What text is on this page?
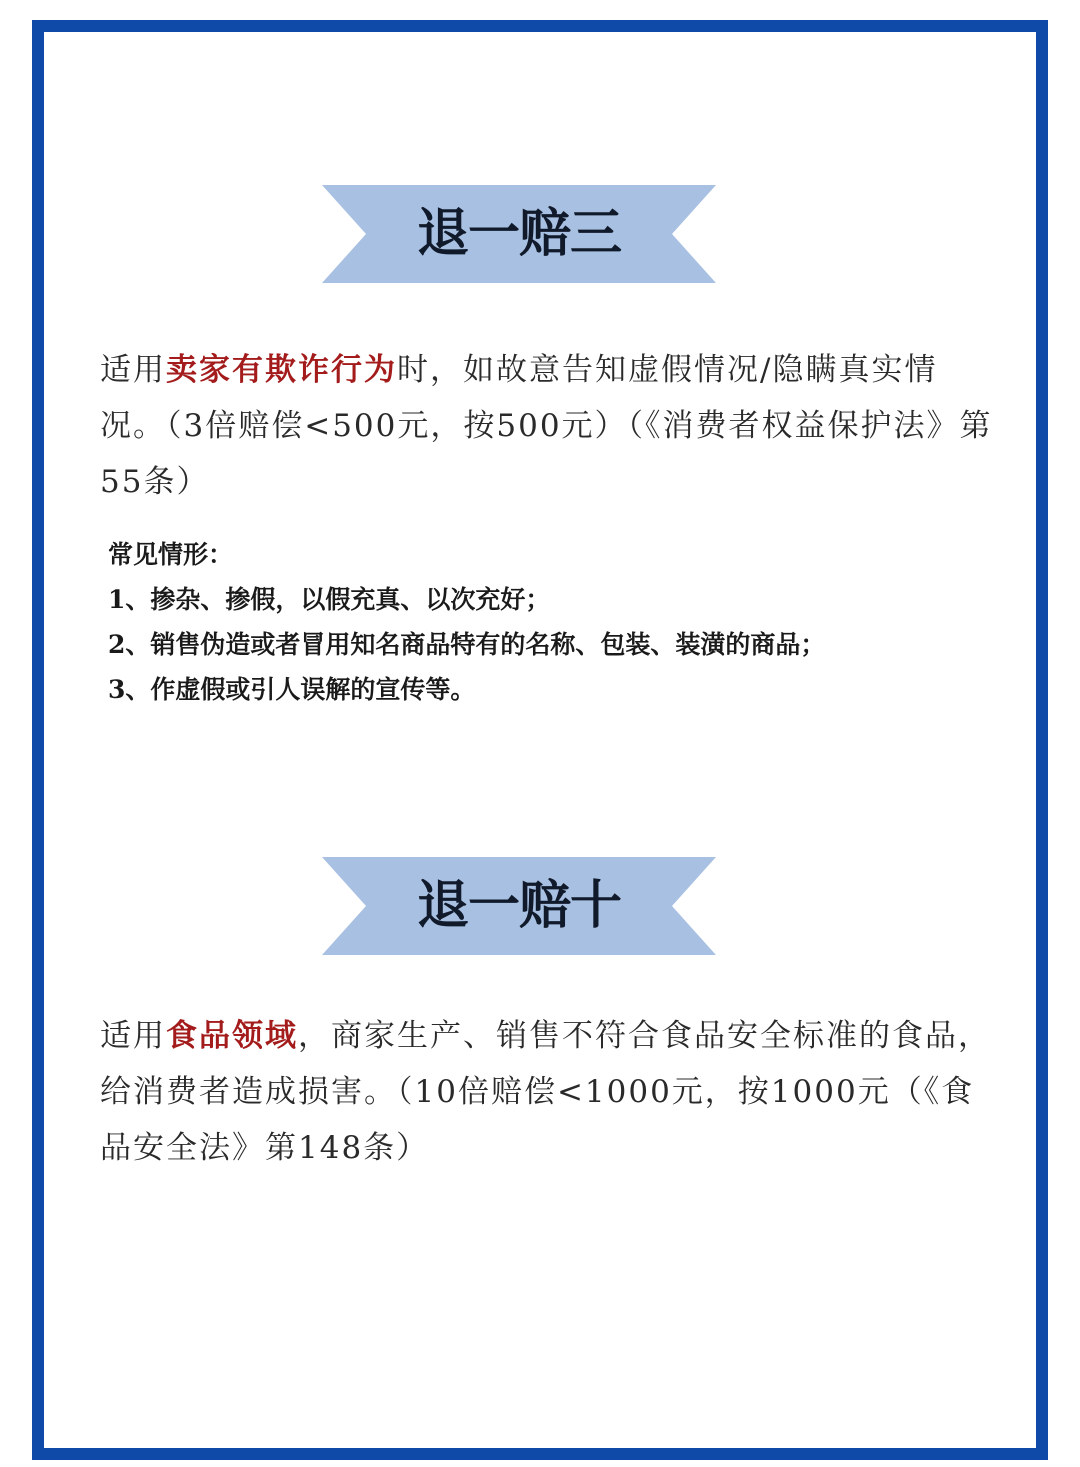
退一赔三
适用卖家有欺诈行为时，如故意告知虚假情况/隐瞒真实情况。（3倍赔偿<500元，按500元）（《消费者权益保护法》第55条）
常见情形：
1、掺杂、掺假，以假充真、以次充好；
2、销售伪造或者冒用知名商品特有的名称、包装、装潢的商品；
3、作虚假或引人误解的宣传等。
退一赔十
适用食品领域，商家生产、销售不符合食品安全标准的食品，给消费者造成损害。（10倍赔偿<1000元，按1000元（《食品安全法》第148条）
